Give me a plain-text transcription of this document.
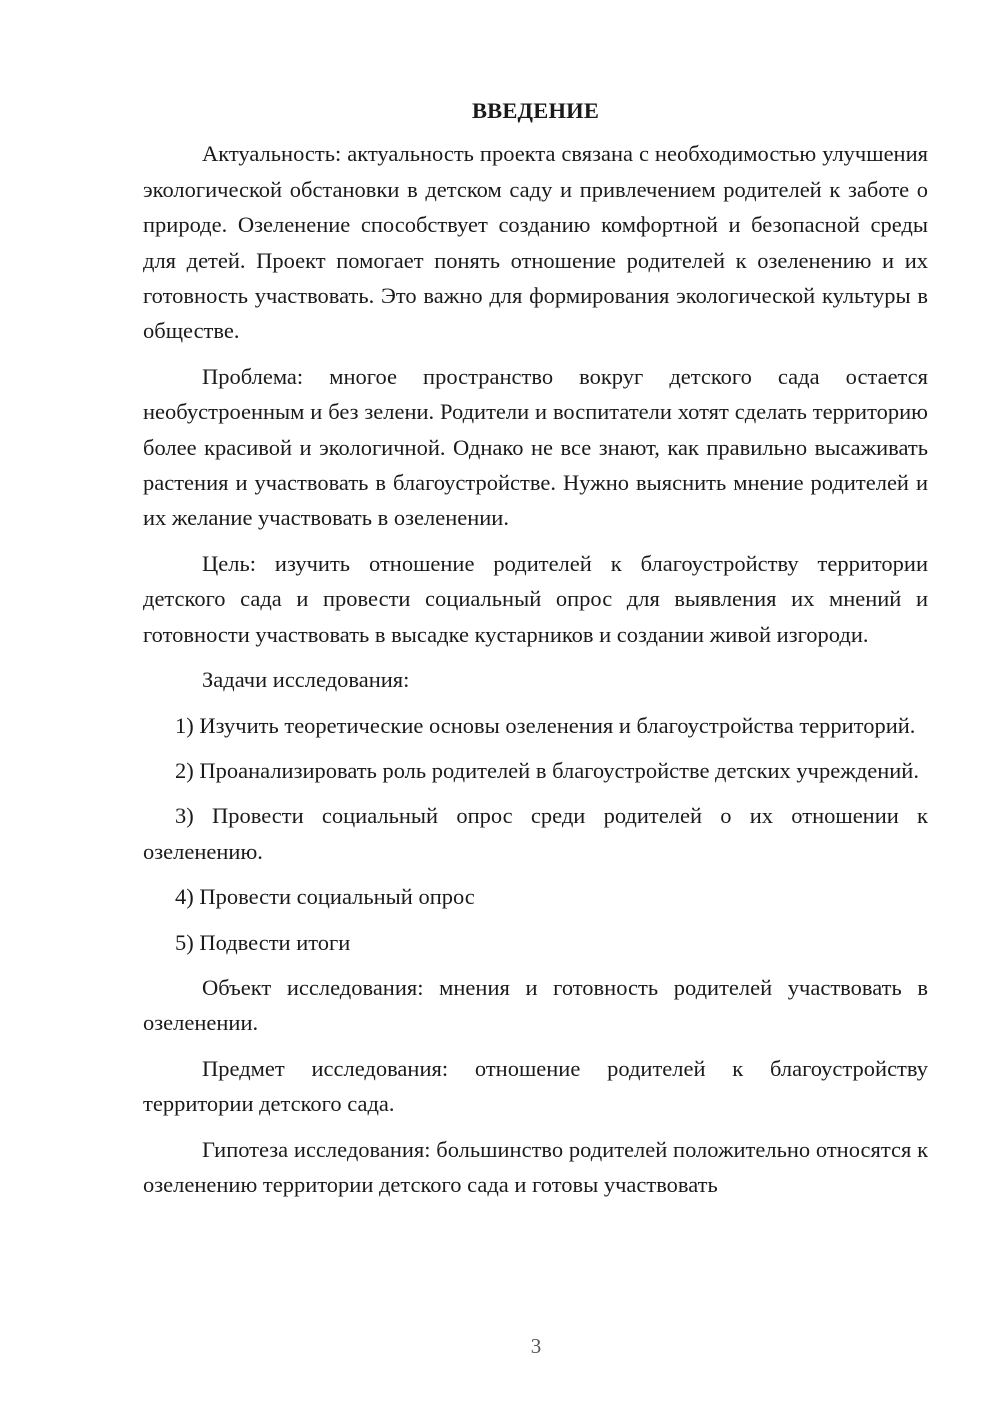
ВВЕДЕНИЕ

Актуальность: актуальность проекта связана с необходимостью улучшения экологической обстановки в детском саду и привлечением родителей к заботе о природе. Озеленение способствует созданию комфортной и безопасной среды для детей. Проект помогает понять отношение родителей к озеленению и их готовность участвовать. Это важно для формирования экологической культуры в обществе.

Проблема: многое пространство вокруг детского сада остается необустроенным и без зелени. Родители и воспитатели хотят сделать территорию более красивой и экологичной. Однако не все знают, как правильно высаживать растения и участвовать в благоустройстве. Нужно выяснить мнение родителей и их желание участвовать в озеленении.

Цель: изучить отношение родителей к благоустройству территории детского сада и провести социальный опрос для выявления их мнений и готовности участвовать в высадке кустарников и создании живой изгороди.

Задачи исследования:

1) Изучить теоретические основы озеленения и благоустройства территорий.

2) Проанализировать роль родителей в благоустройстве детских учреждений.

3) Провести социальный опрос среди родителей о их отношении к озеленению.

4) Провести социальный опрос

5) Подвести итоги

Объект исследования: мнения и готовность родителей участвовать в озеленении.

Предмет исследования: отношение родителей к благоустройству территории детского сада.

Гипотеза исследования: большинство родителей положительно относятся к озеленению территории детского сада и готовы участвовать

3
